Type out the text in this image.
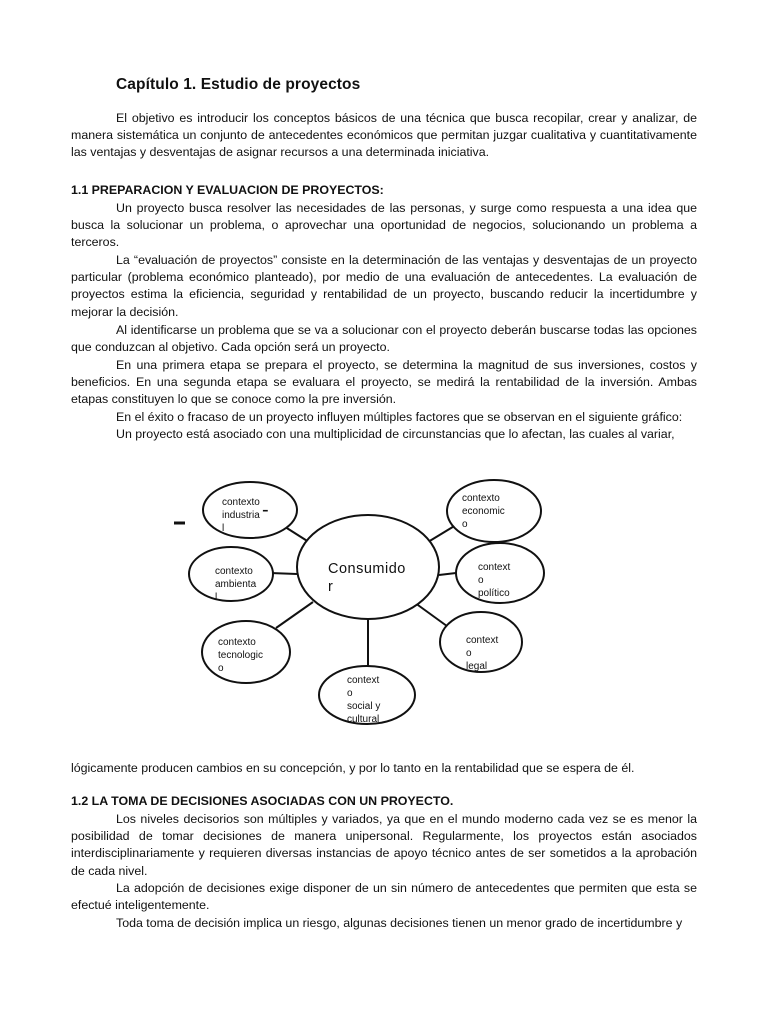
Capítulo 1. Estudio de proyectos

El objetivo es introducir los conceptos básicos de una técnica que busca recopilar, crear y analizar, de manera sistemática un conjunto de antecedentes económicos que permitan juzgar cualitativa y cuantitativamente las ventajas y desventajas de asignar recursos a una determinada iniciativa.

1.1 PREPARACION Y EVALUACION DE PROYECTOS:

Un proyecto busca resolver las necesidades de las personas, y surge como respuesta a una idea que busca la solucionar un problema, o aprovechar una oportunidad de negocios, solucionando un problema a terceros.

La “evaluación de proyectos” consiste en la determinación de las ventajas y desventajas de un proyecto particular (problema económico planteado), por medio de una evaluación de antecedentes. La evaluación de proyectos estima la eficiencia, seguridad y rentabilidad de un proyecto, buscando reducir la incertidumbre y mejorar la decisión.

Al identificarse un problema que se va a solucionar con el proyecto deberán buscarse todas las opciones que conduzcan al objetivo. Cada opción será un proyecto.

En una primera etapa se prepara el proyecto, se determina la magnitud de sus inversiones, costos y beneficios. En una segunda etapa se evaluara el proyecto, se medirá la rentabilidad de la inversión. Ambas etapas constituyen lo que se conoce como la pre inversión.

En el éxito o fracaso de un proyecto influyen múltiples factores que se observan en el siguiente gráfico:

Un proyecto está asociado con una multiplicidad de circunstancias que lo afectan, las cuales al variar,

Consumido
r
contexto
industria
l
contexto
economic
o
contexto
ambienta
l
context
o
político
contexto
tecnologic
o
context
o
legal
context
o
social y
cultural
-

lógicamente producen cambios en su concepción, y por lo tanto en la rentabilidad que se espera de él.

1.2 LA TOMA DE DECISIONES ASOCIADAS CON UN PROYECTO.

Los niveles decisorios son múltiples y variados, ya que en el mundo moderno cada vez se es menor la posibilidad de tomar decisiones de manera unipersonal. Regularmente, los proyectos están asociados interdisciplinariamente y requieren diversas instancias de apoyo técnico antes de ser sometidos a la aprobación de cada nivel.

La adopción de decisiones exige disponer de un sin número de antecedentes que permiten que esta se efectué inteligentemente.

Toda toma de decisión implica un riesgo, algunas decisiones tienen un menor grado de incertidumbre y
